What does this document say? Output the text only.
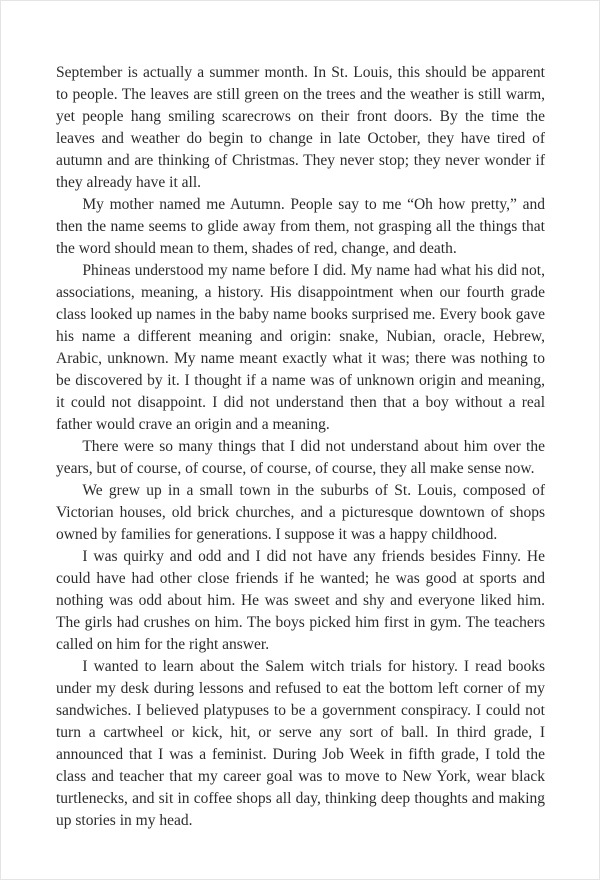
September is actually a summer month. In St. Louis, this should be apparent to people. The leaves are still green on the trees and the weather is still warm, yet people hang smiling scarecrows on their front doors. By the time the leaves and weather do begin to change in late October, they have tired of autumn and are thinking of Christmas. They never stop; they never wonder if they already have it all.

My mother named me Autumn. People say to me “Oh how pretty,” and then the name seems to glide away from them, not grasping all the things that the word should mean to them, shades of red, change, and death.

Phineas understood my name before I did. My name had what his did not, associations, meaning, a history. His disappointment when our fourth grade class looked up names in the baby name books surprised me. Every book gave his name a different meaning and origin: snake, Nubian, oracle, Hebrew, Arabic, unknown. My name meant exactly what it was; there was nothing to be discovered by it. I thought if a name was of unknown origin and meaning, it could not disappoint. I did not understand then that a boy without a real father would crave an origin and a meaning.

There were so many things that I did not understand about him over the years, but of course, of course, of course, of course, they all make sense now.

We grew up in a small town in the suburbs of St. Louis, composed of Victorian houses, old brick churches, and a picturesque downtown of shops owned by families for generations. I suppose it was a happy childhood.

I was quirky and odd and I did not have any friends besides Finny. He could have had other close friends if he wanted; he was good at sports and nothing was odd about him. He was sweet and shy and everyone liked him. The girls had crushes on him. The boys picked him first in gym. The teachers called on him for the right answer.

I wanted to learn about the Salem witch trials for history. I read books under my desk during lessons and refused to eat the bottom left corner of my sandwiches. I believed platypuses to be a government conspiracy. I could not turn a cartwheel or kick, hit, or serve any sort of ball. In third grade, I announced that I was a feminist. During Job Week in fifth grade, I told the class and teacher that my career goal was to move to New York, wear black turtlenecks, and sit in coffee shops all day, thinking deep thoughts and making up stories in my head.
